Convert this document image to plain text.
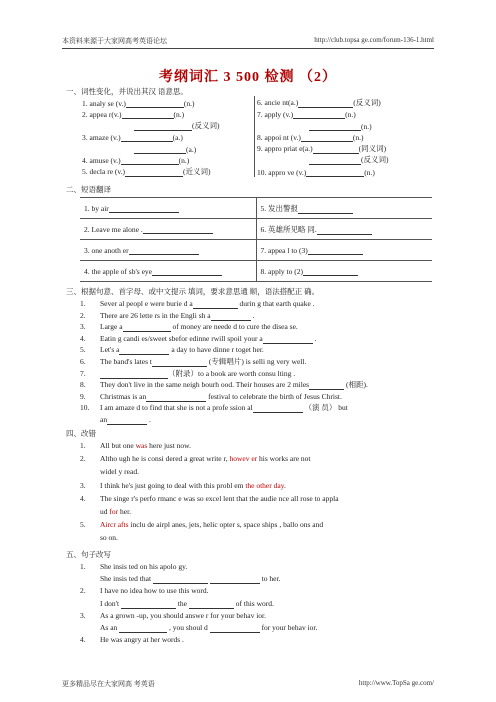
本资料来源于大家网高考英语论坛	http://club.topsa ge.com/forum-136-1.html
考纲词汇 3 500 检测 （2）
一、词性变化，并说出其汉 语意思。
1. analy se (v.) (n.)	6. ancie nt(a.) (反义词)
2. appea r(v.) (n.)	7. apply (v.) (n.)
(反义词)	(n.)
3. amaze (v.) (a.)	8. appoi nt (v.) (n.)
(a.)	9. appro priat e(a.) (同义词)
4. amuse (v.) (n.)	(反义词)
5. decla re (v.) (近义词)	10. appro ve (v.) (n.)
二、短语翻译
1. by air	5. 发出警报
2. Leave me alone .	6. 英雄所见略 同.
3. one anoth er	7. appea l to (3)
4. the apple of sb's eye	8. apply to (2)
三、根据句意、首字母、或中文提示 填词，要求意思通 顺，语法搭配正 确。
1. Sever al peopl e were burie d a	durin g that earth quake .
2. There are 26 lette rs in the Engli sh a	.
3. Large a	of money are neede d to cure the disea se.
4. Eatin g candi es/sweet sbefor edinne rwill spoil your a	.
5. Let's a	a day to have dinne r toget her.
6. The band's lates t	(专辑唱片) is selli ng very well.
7.	（附录）to a book are worth consu lting .
8. They don't live in the same neigh bourh ood. Their houses are 2 miles	(相距).
9. Christmas is an	festival to celebrate the birth of Jesus Christ.
10. I am amaze d to find that she is not a profe ssion al	（演 员） but
an	.
四、改错
1. All but one was here just now.
2. Altho ugh he is consi dered a great write r, howev er his works are not
widel y read.
3. I think he's just going to deal with this probl em the other day.
4. The singe r's perfo rmanc e was so excel lent that the audie nce all rose to appla
ud for her.
5. Aircr afts inclu de airpl anes, jets, helic opter s, space ships , ballo ons and
so on.
五、句子改写
1. She insis ted on his apolo gy.
She insis ted that	to her.
2. I have no idea how to use this word.
I don't	the	of this word.
3. As a grown -up, you should answe r for your behav ior.
As an	, you shoul d	for your behav ior.
4. He was angry at her words .
更多精品尽在大家网高 考英语	http://www.TopSa ge.com/
